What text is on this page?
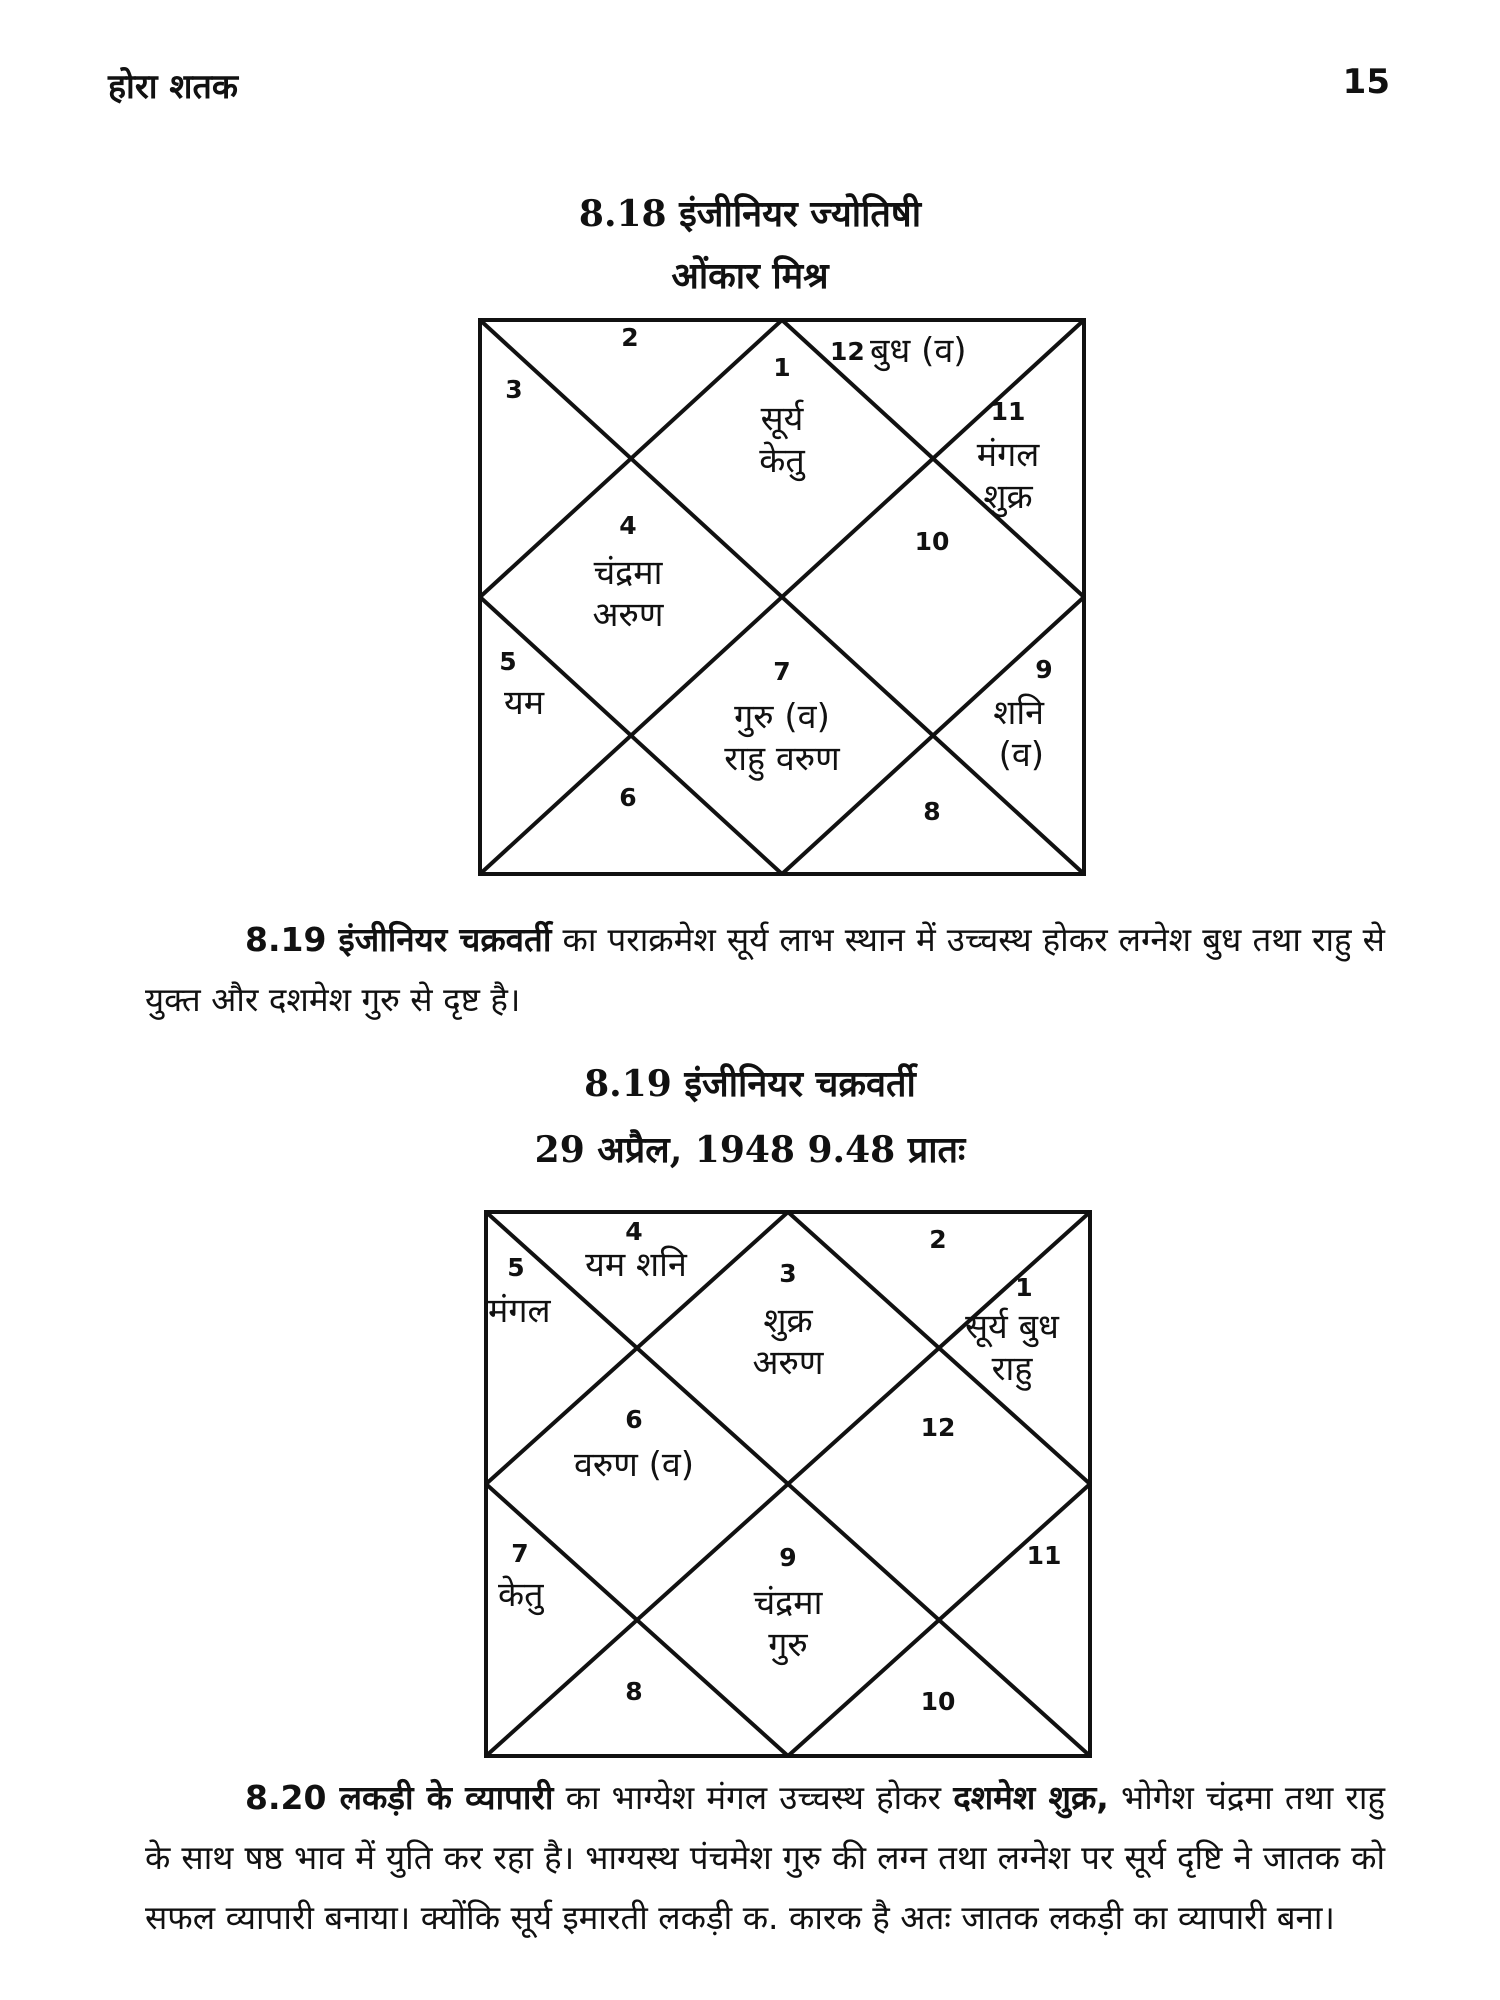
होरा शतक	15
8.18 इंजीनियर ज्योतिषी
ओंकार मिश्र
1
सूर्य
केतु
2
3
4
चंद्रमा
अरुण
5
यम
6
7
गुरु (व)
राहु वरुण
8
9
शनि
(व)
10
11
मंगल
शुक्र
12 बुध (व)
8.19 इंजीनियर चक्रवर्ती का पराक्रमेश सूर्य लाभ स्थान में उच्चस्थ होकर लग्नेश बुध तथा राहु से युक्त और दशमेश गुरु से दृष्ट है।
8.19 इंजीनियर चक्रवर्ती
29 अप्रैल, 1948 9.48 प्रातः
1
सूर्य बुध
राहु
2
3
शुक्र
अरुण
4
यम शनि
5
मंगल
6
वरुण (व)
7
केतु
8
9
चंद्रमा
गुरु
10
11
12
8.20 लकड़ी के व्यापारी का भाग्येश मंगल उच्चस्थ होकर दशमेश शुक्र, भोगेश चंद्रमा तथा राहु के साथ षष्ठ भाव में युति कर रहा है। भाग्यस्थ पंचमेश गुरु की लग्न तथा लग्नेश पर सूर्य दृष्टि ने जातक को सफल व्यापारी बनाया। क्योंकि सूर्य इमारती लकड़ी क. कारक है अतः जातक लकड़ी का व्यापारी बना।
